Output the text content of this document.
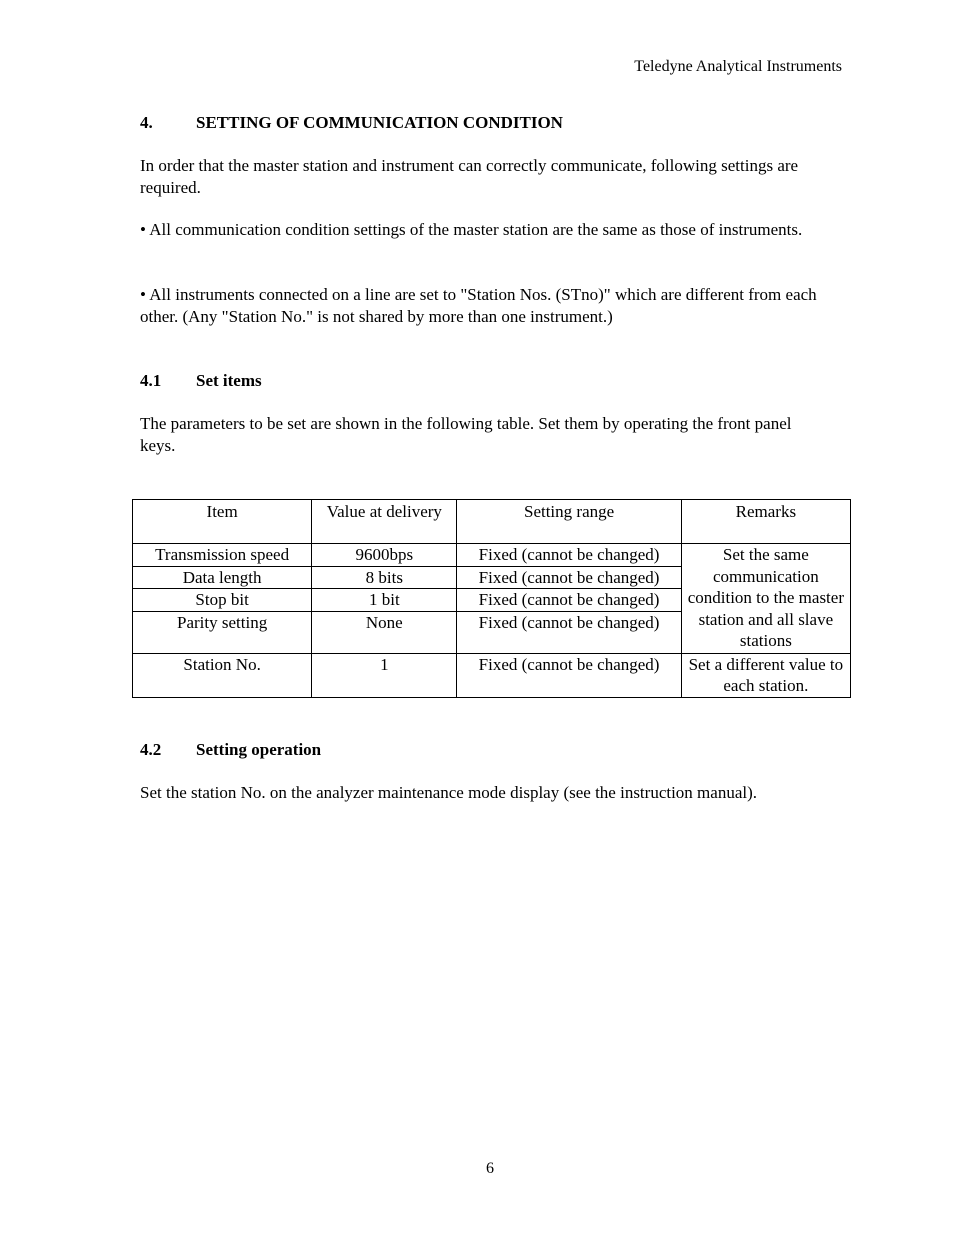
Teledyne Analytical Instruments
4.	SETTING OF COMMUNICATION CONDITION
In order that the master station and instrument can correctly communicate, following settings are required.
• All communication condition settings of the master station are the same as those of instruments.
• All instruments connected on a line are set to "Station Nos. (STno)" which are different from each other. (Any "Station No." is not shared by more than one instrument.)
4.1 Set items
The parameters to be set are shown in the following table. Set them by operating the front panel keys.
Item	Value at delivery	Setting range	Remarks
Transmission speed	9600bps	Fixed (cannot be changed)	Set the same communication condition to the master station and all slave stations
Data length	8 bits	Fixed (cannot be changed)	
Stop bit	1 bit	Fixed (cannot be changed)	
Parity setting	None	Fixed (cannot be changed)	
Station No.	1	Fixed (cannot be changed)	Set a different value to each station.
4.2 Setting operation
Set the station No. on the analyzer maintenance mode display (see the instruction manual).
6
